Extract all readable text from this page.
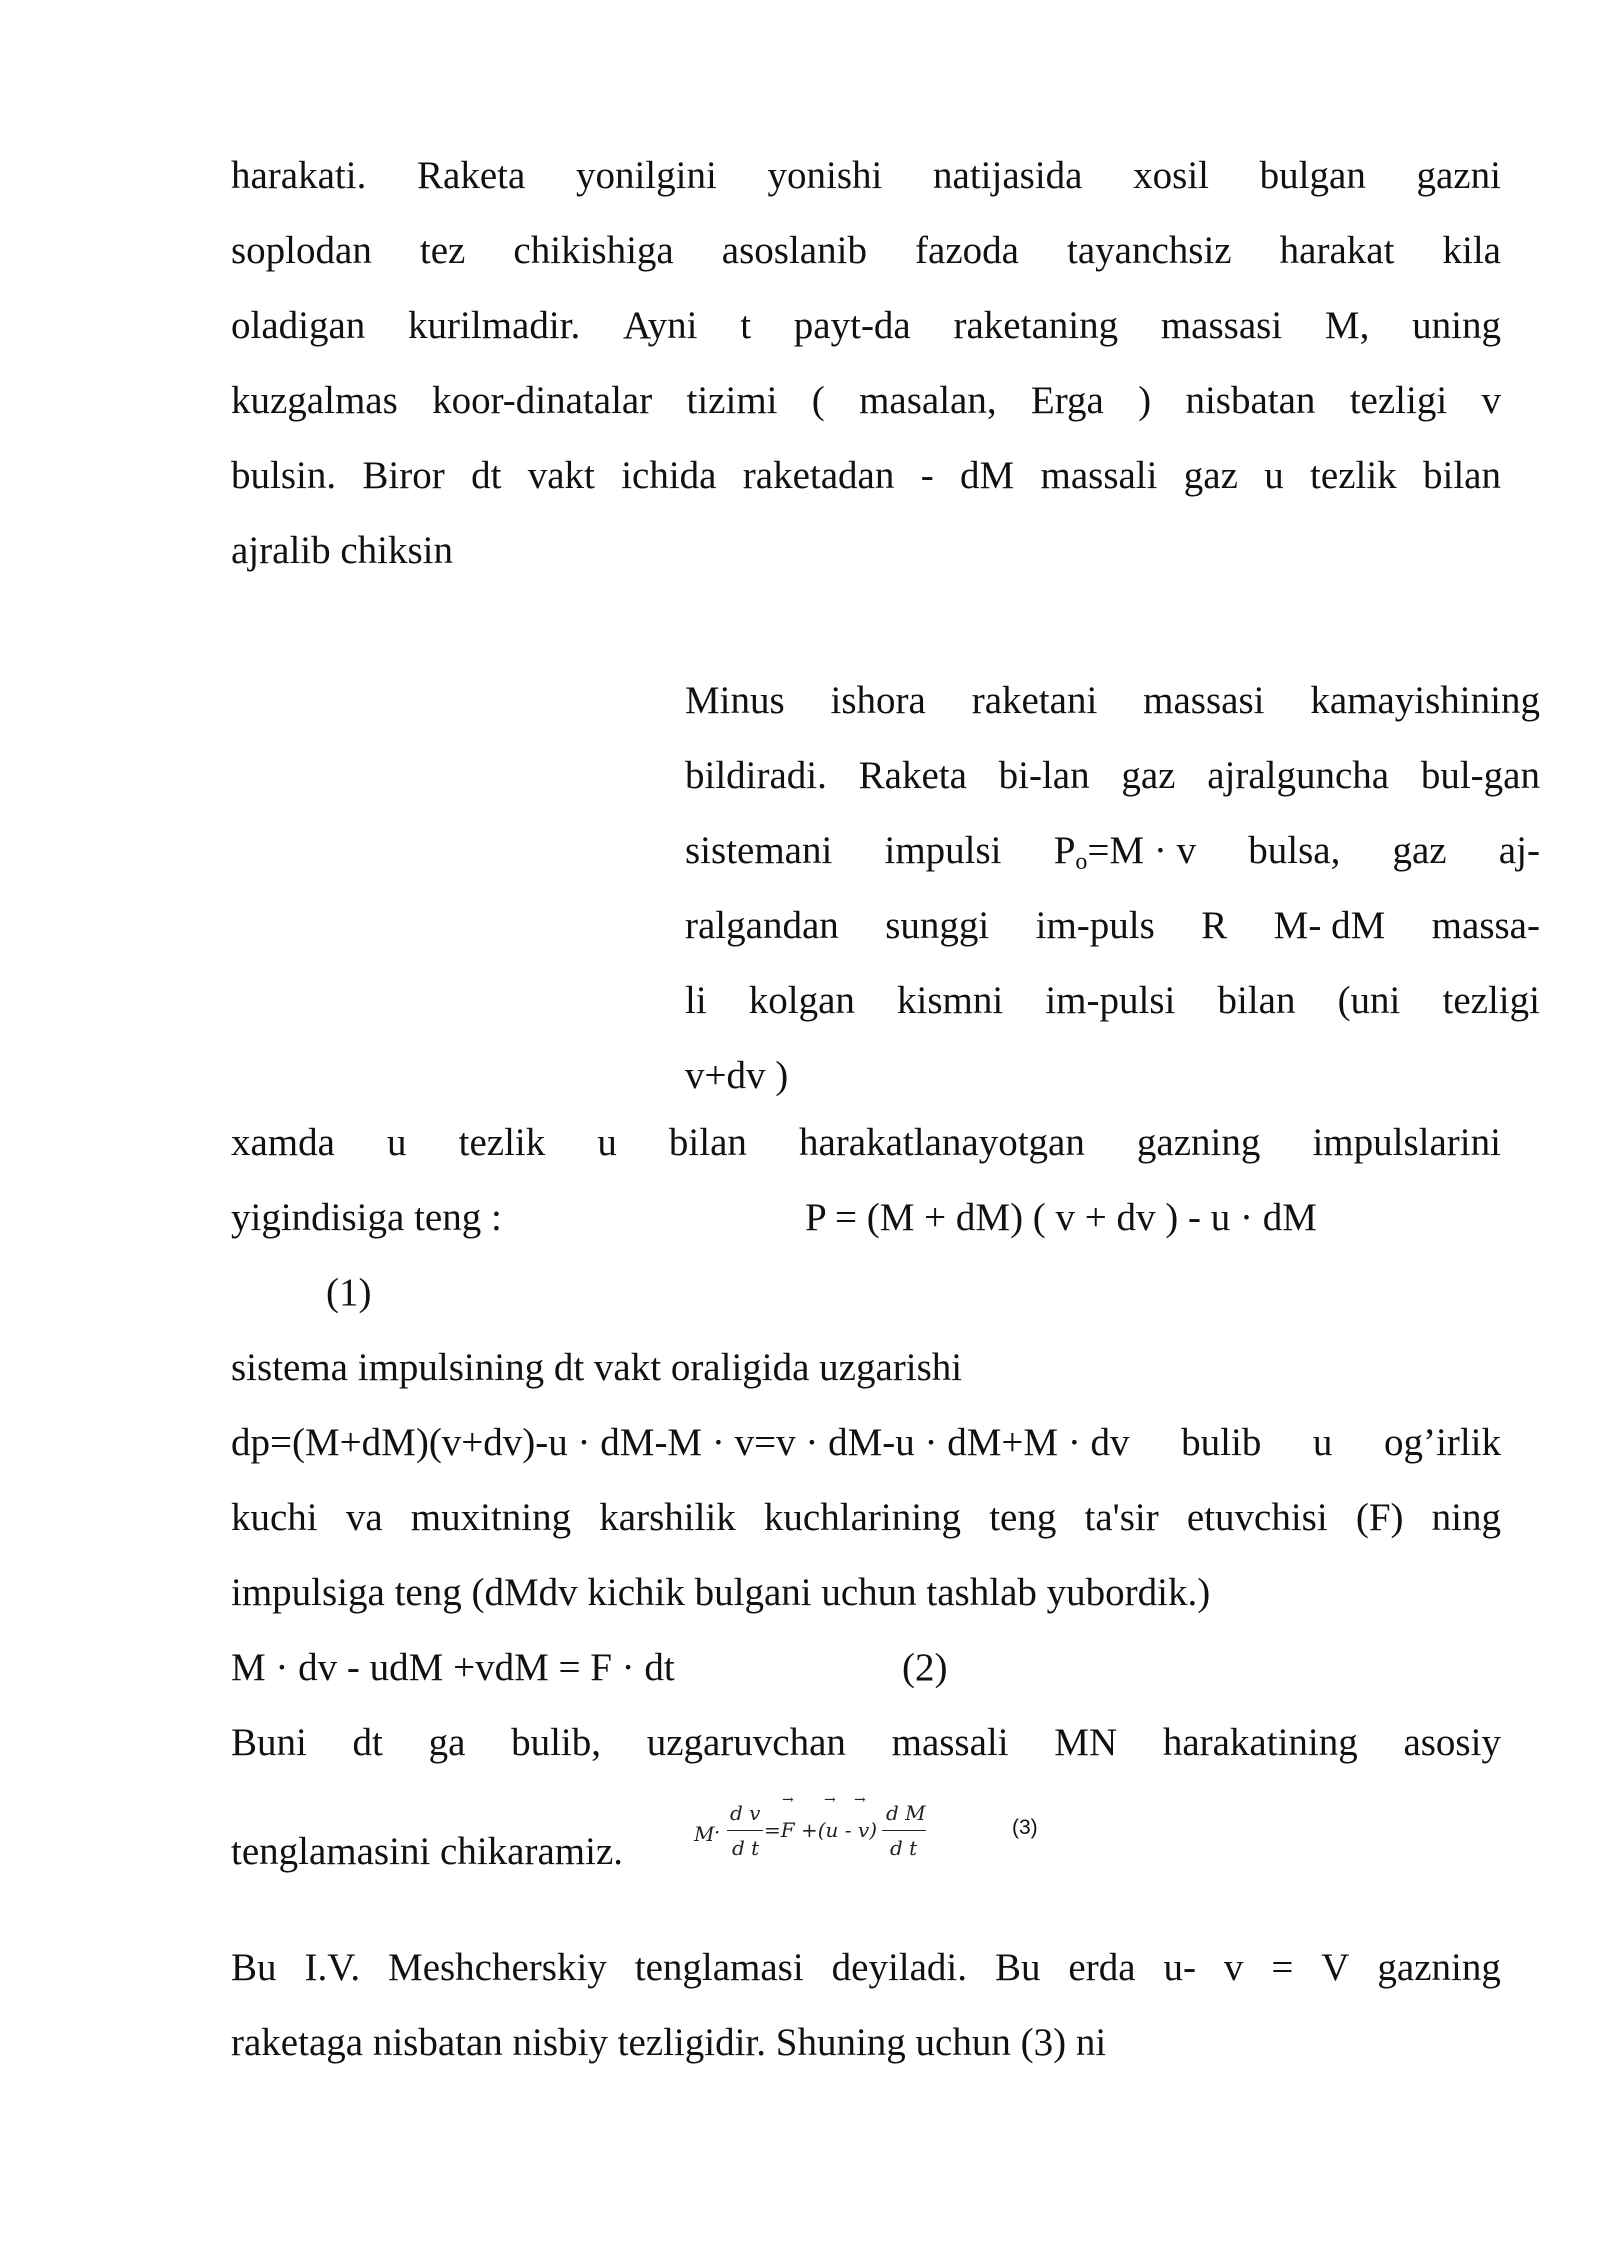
harakati. Raketa yonilgini yonishi natijasida xosil bulgan gazni
soplodan tez chikishiga asoslanib fazoda tayanchsiz harakat kila
oladigan kurilmadir. Ayni t payt-da raketaning massasi M, uning
kuzgalmas koor-dinatalar tizimi ( masalan, Erga ) nisbatan tezligi v
bulsin. Biror dt vakt ichida raketadan - dM massali gaz u tezlik bilan
ajralib chiksin
Minus ishora raketani massasi kamayishining
bildiradi. Raketa bi-lan gaz ajralguncha bul-gan
ralgandan sunggi im-puls R M- dM massa-
li kolgan kismni im-pulsi bilan (uni tezligi
sistemani impulsi $P_o=M \cdot v$ bulsa, gaz aj-
v+dv )
xamda u tezlik u bilan harakatlanayotgan gazning impulslarini
yigindisiga teng :	P = (M + dM) ( v + dv ) - u · dM
(1)
sistema impulsining dt vakt oraligida uzgarishi
dp=(M+dM)(v+dv)-u · dM-M · v=v · dM-u · dM+M · dv bulib u og’irlik
kuchi va muxitning karshilik kuchlarining teng ta'sir etuvchisi (F) ning
impulsiga teng (dMdv kichik bulgani uchun tashlab yubordik.)
M · dv - udM +vdM = F · dt	(2)
Buni dt ga bulib, uzgaruvchan massali MN harakatining asosiy
tenglamasini chikaramiz.	M ·
d v
d t
=F +(u - v)
→ → →
d M
d t
(3)
Bu I.V. Meshcherskiy tenglamasi deyiladi. Bu erda u- v = V gazning
raketaga nisbatan nisbiy tezligidir. Shuning uchun (3) ni
